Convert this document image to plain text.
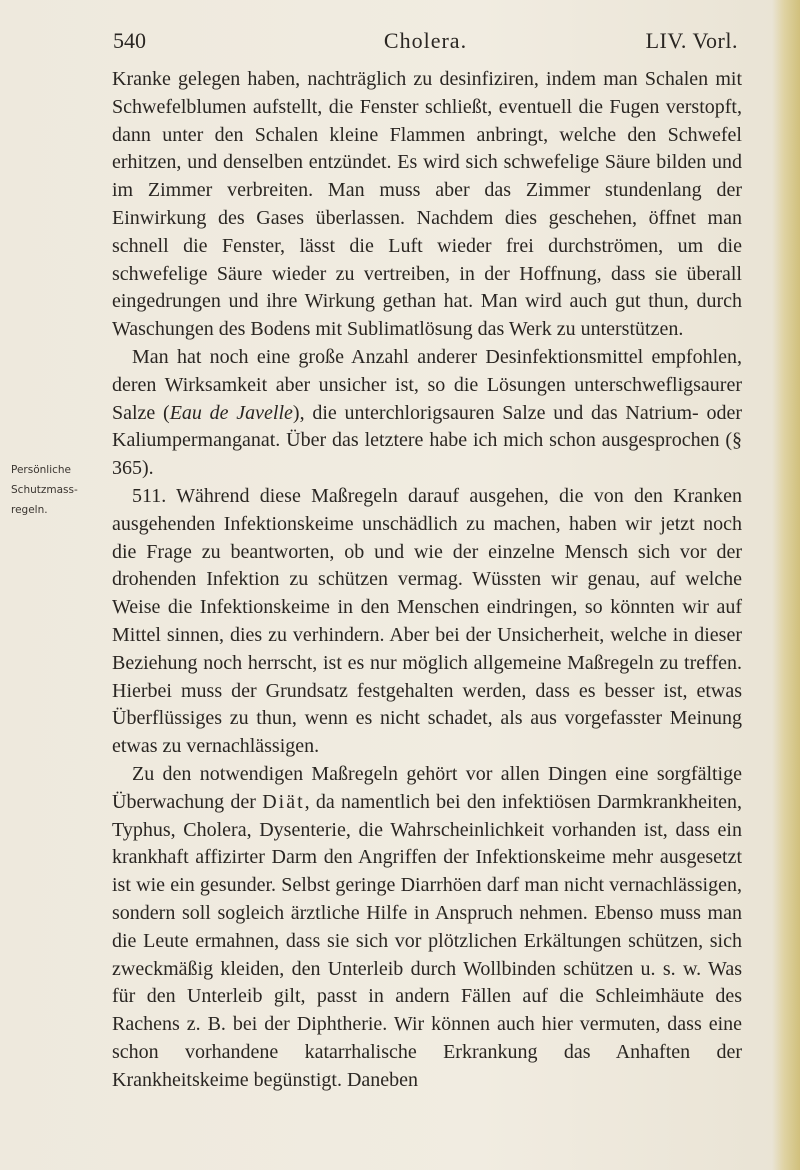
540	Cholera.	LIV. Vorl.
Persönliche
Schutzmass-
regeln.

Kranke gelegen haben, nachträglich zu desinfiziren, indem man Schalen mit Schwefelblumen aufstellt, die Fenster schließt, eventuell die Fugen verstopft, dann unter den Schalen kleine Flammen anbringt, welche den Schwefel erhitzen, und denselben entzündet. Es wird sich schwefelige Säure bilden und im Zimmer verbreiten. Man muss aber das Zimmer stundenlang der Einwirkung des Gases überlassen. Nachdem dies geschehen, öffnet man schnell die Fenster, lässt die Luft wieder frei durchströmen, um die schwefelige Säure wieder zu vertreiben, in der Hoffnung, dass sie überall eingedrungen und ihre Wirkung gethan hat. Man wird auch gut thun, durch Waschungen des Bodens mit Sublimatlösung das Werk zu unterstützen.

Man hat noch eine große Anzahl anderer Desinfektionsmittel empfohlen, deren Wirksamkeit aber unsicher ist, so die Lösungen unterschwefligsaurer Salze (Eau de Javelle), die unterchlorigsauren Salze und das Natrium- oder Kaliumpermanganat. Über das letztere habe ich mich schon ausgesprochen (§ 365).

511. Während diese Maßregeln darauf ausgehen, die von den Kranken ausgehenden Infektionskeime unschädlich zu machen, haben wir jetzt noch die Frage zu beantworten, ob und wie der einzelne Mensch sich vor der drohenden Infektion zu schützen vermag. Wüssten wir genau, auf welche Weise die Infektionskeime in den Menschen eindringen, so könnten wir auf Mittel sinnen, dies zu verhindern. Aber bei der Unsicherheit, welche in dieser Beziehung noch herrscht, ist es nur möglich allgemeine Maßregeln zu treffen. Hierbei muss der Grundsatz festgehalten werden, dass es besser ist, etwas Überflüssiges zu thun, wenn es nicht schadet, als aus vorgefasster Meinung etwas zu vernachlässigen.

Zu den notwendigen Maßregeln gehört vor allen Dingen eine sorgfältige Überwachung der Diät, da namentlich bei den infektiösen Darmkrankheiten, Typhus, Cholera, Dysenterie, die Wahrscheinlichkeit vorhanden ist, dass ein krankhaft affizirter Darm den Angriffen der Infektionskeime mehr ausgesetzt ist wie ein gesunder. Selbst geringe Diarrhöen darf man nicht vernachlässigen, sondern soll sogleich ärztliche Hilfe in Anspruch nehmen. Ebenso muss man die Leute ermahnen, dass sie sich vor plötzlichen Erkältungen schützen, sich zweckmäßig kleiden, den Unterleib durch Wollbinden schützen u. s. w. Was für den Unterleib gilt, passt in andern Fällen auf die Schleimhäute des Rachens z. B. bei der Diphtherie. Wir können auch hier vermuten, dass eine schon vorhandene katarrhalische Erkrankung das Anhaften der Krankheitskeime begünstigt. Daneben
